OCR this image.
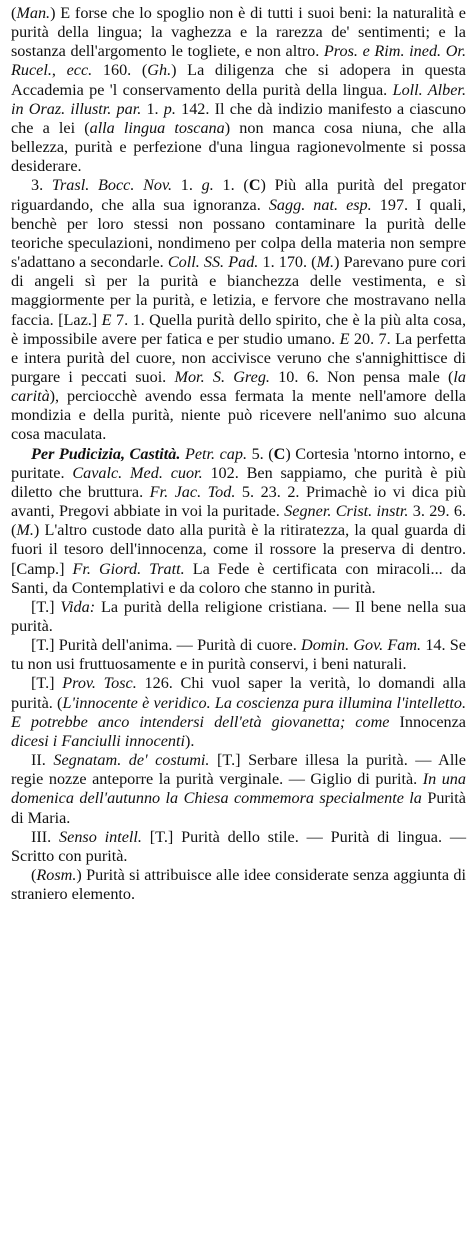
(Man.) E forse che lo spoglio non è di tutti i suoi beni: la naturalità e purità della lingua; la vaghezza e la rarezza de' sentimenti; e la sostanza dell'argomento le togliete, e non altro. Pros. e Rim. ined. Or. Rucel., ecc. 160. (Gh.) La diligenza che si adopera in questa Accademia pe 'l conservamento della purità della lingua. Loll. Alber. in Oraz. illustr. par. 1. p. 142. Il che dà indizio manifesto a ciascuno che a lei (alla lingua toscana) non manca cosa niuna, che alla bellezza, purità e perfezione d'una lingua ragionevolmente si possa desiderare.

3. Trasl. Bocc. Nov. 1. g. 1. (C) Più alla purità del pregator riguardando, che alla sua ignoranza. Sagg. nat. esp. 197. I quali, benchè per loro stessi non possano contaminare la purità delle teoriche speculazioni, nondimeno per colpa della materia non sempre s'adattano a secondarle. Coll. SS. Pad. 1. 170. (M.) Parevano pure cori di angeli sì per la purità e bianchezza delle vestimenta, e sì maggiormente per la purità, e letizia, e fervore che mostravano nella faccia. [Laz.] E 7. 1. Quella purità dello spirito, che è la più alta cosa, è impossibile avere per fatica e per studio umano. E 20. 7. La perfetta e intera purità del cuore, non accivisce veruno che s'annighittisce di purgare i peccati suoi. Mor. S. Greg. 10. 6. Non pensa male (la carità), perciocchè avendo essa fermata la mente nell'amore della mondizia e della purità, niente può ricevere nell'animo suo alcuna cosa maculata.

Per Pudicizia, Castità. Petr. cap. 5. (C) Cortesia 'ntorno intorno, e puritate. Cavalc. Med. cuor. 102. Ben sappiamo, che purità è più diletto che bruttura. Fr. Jac. Tod. 5. 23. 2. Primachè io vi dica più avanti, Pregovi abbiate in voi la puritade. Segner. Crist. instr. 3. 29. 6. (M.) L'altro custode dato alla purità è la ritiratezza, la qual guarda di fuori il tesoro dell'innocenza, come il rossore la preserva di dentro. [Camp.] Fr. Giord. Tratt. La Fede è certificata con miracoli... da Santi, da Contemplativi e da coloro che stanno in purità.

[T.] Vida: La purità della religione cristiana. — Il bene nella sua purità.

[T.] Purità dell'anima. — Purità di cuore. Domin. Gov. Fam. 14. Se tu non usi fruttuosamente e in purità conservi, i beni naturali.

[T.] Prov. Tosc. 126. Chi vuol saper la verità, lo domandi alla purità. (L'innocente è veridico. La coscienza pura illumina l'intelletto. E potrebbe anco intendersi dell'età giovanetta; come Innocenza dicesi i Fanciulli innocenti).

II. Segnatam. de' costumi. [T.] Serbare illesa la purità. — Alle regie nozze anteporre la purità verginale. — Giglio di purità. In una domenica dell'autunno la Chiesa commemora specialmente la Purità di Maria.

III. Senso intell. [T.] Purità dello stile. — Purità di lingua. — Scritto con purità.

(Rosm.) Purità si attribuisce alle idee considerate senza aggiunta di straniero elemento.
